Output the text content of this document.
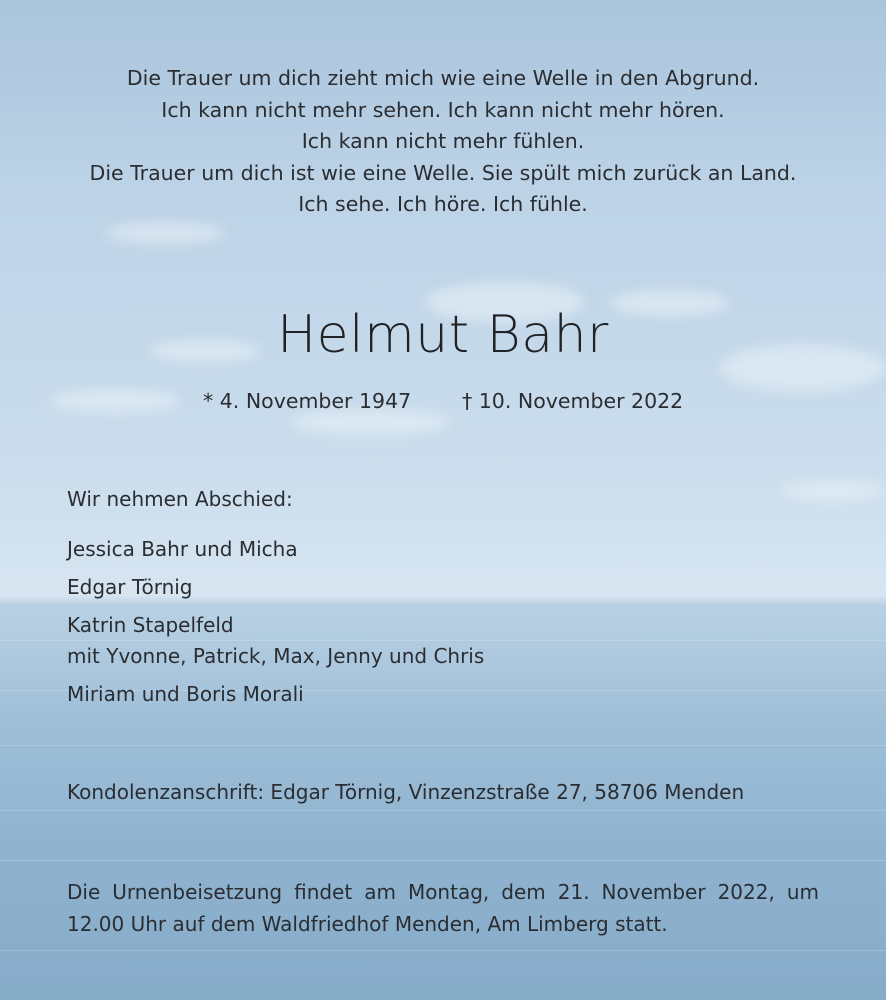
Die Trauer um dich zieht mich wie eine Welle in den Abgrund.
Ich kann nicht mehr sehen. Ich kann nicht mehr hören.
Ich kann nicht mehr fühlen.
Die Trauer um dich ist wie eine Welle. Sie spült mich zurück an Land.
Ich sehe. Ich höre. Ich fühle.
Helmut Bahr
* 4. November 1947 † 10. November 2022
Wir nehmen Abschied:
Jessica Bahr und Micha
Edgar Törnig
Katrin Stapelfeld
mit Yvonne, Patrick, Max, Jenny und Chris
Miriam und Boris Morali
Kondolenzanschrift: Edgar Törnig, Vinzenzstraße 27, 58706 Menden
Die Urnenbeisetzung findet am Montag, dem 21. November 2022, um
12.00 Uhr auf dem Waldfriedhof Menden, Am Limberg statt.
